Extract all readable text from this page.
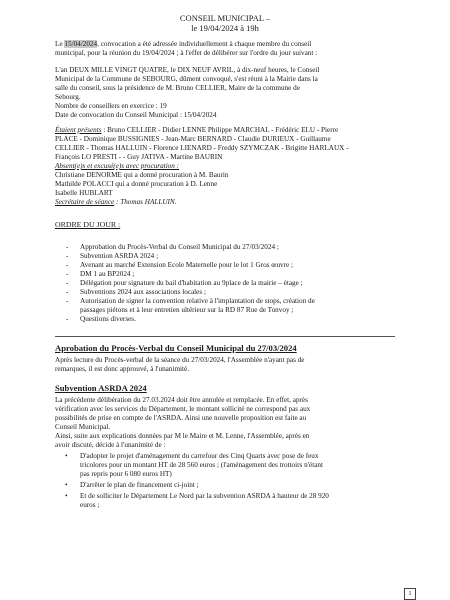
CONSEIL MUNICIPAL –
le 19/04/2024 à 19h
Le 15/04/2024, convocation a été adressée individuellement à chaque membre du conseil
municipal, pour la réunion du 19/04/2024 ; à l'effet de délibérer sur l'ordre du jour suivant :
L'an DEUX MILLE VINGT QUATRE, le DIX NEUF AVRIL, à dix-neuf heures, le Conseil
Municipal de la Commune de SEBOURG, dûment convoqué, s'est réuni à la Mairie dans la
salle du conseil, sous la présidence de M. Bruno CELLIER, Maire de la commune de
Sebourg.
Nombre de conseillers en exercice : 19
Date de convocation du Conseil Municipal : 15/04/2024
Étaient présents : Bruno CELLIER - Didier LENNE Philippe MARCHAL - Frédéric ELU - Pierre
PLACE - Dominique BUSSIGNIES - Jean-Marc BERNARD - Claudie DURIEUX - Guillaume
CELLIER - Thomas HALLUIN - Florence LIENARD - Freddy SZYMCZAK - Brigitte HARLAUX -
François LO PRESTI - - Guy JATIVA - Martine BAURIN
Absent(e)s et excusé(e)s avec procuration :
Christiane DENORME qui a donné procuration à M. Baurin
Mathilde POLACCI qui a donné procuration à D. Lenne
Isabelle HUBLART
Secrétaire de séance : Thomas HALLUIN.
ORDRE DU JOUR :
- Approbation du Procès-Verbal du Conseil Municipal du 27/03/2024 ;
- Subvention ASRDA 2024 ;
- Avenant au marché Extension Ecole Maternelle pour le lot 1 Gros œuvre ;
- DM 1 au BP2024 ;
- Délégation pour signature du bail d'habitation au 9place de la mairie – étage ;
- Subventions 2024 aux associations locales ;
- Autorisation de signer la convention relative à l'implantation de stops, création de
passages piétons et à leur entretien ultérieur sur la RD 87 Rue de Tonvoy ;
- Questions diverses.
Aprobation du Procès-Verbal du Conseil Municipal du 27/03/2024
Après lecture du Procès-verbal de la séance du 27/03/2024, l'Assemblée n'ayant pas de
remarques, il est donc approuvé, à l'unanimité.
Subvention ASRDA 2024
La précédente délibération du 27.03.2024 doit être annulée et remplacée. En effet, après
vérification avec les services du Département, le montant sollicité ne correspond pas aux
possibilités de prise en compte de l'ASRDA. Ainsi une nouvelle proposition est faite au
Conseil Municipal.
Ainsi, suite aux explications données par M le Maire et M. Lenne, l'Assemblée, après en
avoir discuté, décide à l'unanimité de :
• D'adopter le projet d'aménagement du carrefour des Cinq Quarts avec pose de feux
tricolores pour un montant HT de 28 560 euros ; (l'aménagement des trottoirs n'étant
pas repris pour 6 080 euros HT)
• D'arrêter le plan de financement ci-joint ;
• Et de solliciter le Département Le Nord par la subvention ASRDA à hauteur de 28 920
euros ;
1
